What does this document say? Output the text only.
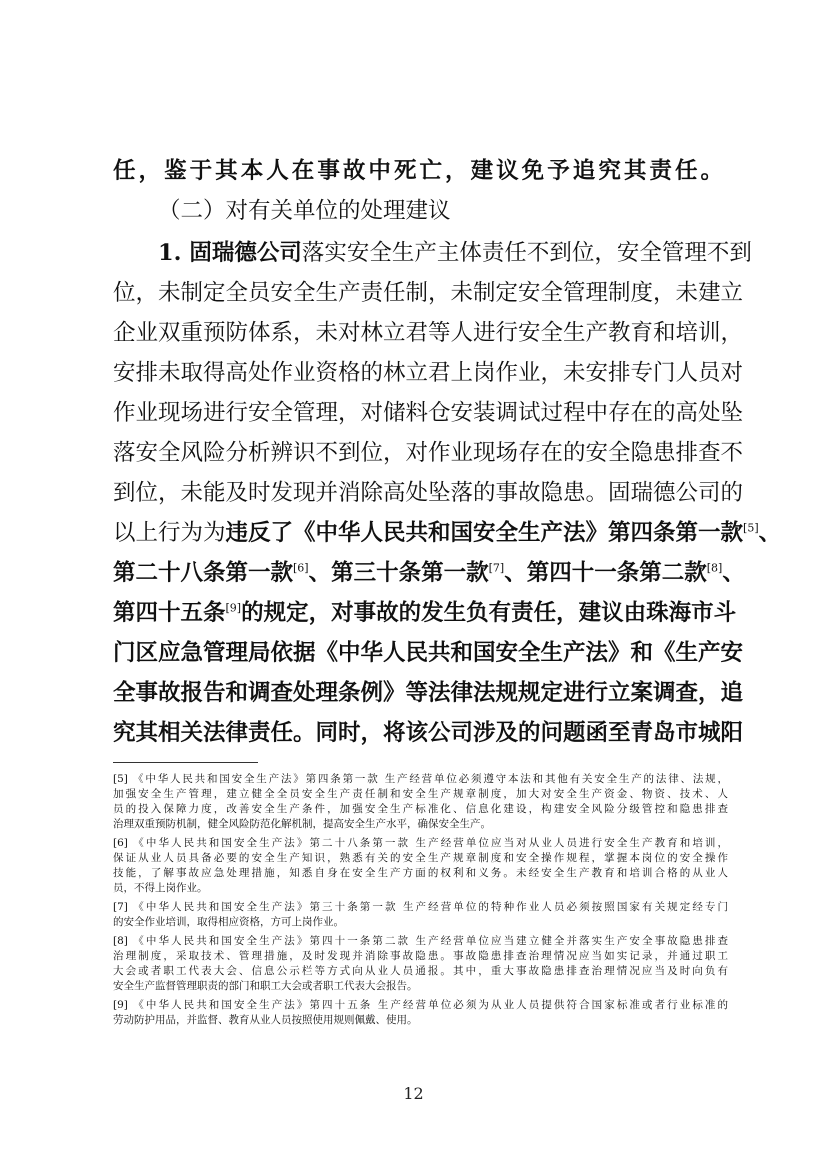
任，鉴于其本人在事故中死亡，建议免予追究其责任。
（二）对有关单位的处理建议
1. 固瑞德公司落实安全生产主体责任不到位，安全管理不到
位，未制定全员安全生产责任制，未制定安全管理制度，未建立
企业双重预防体系，未对林立君等人进行安全生产教育和培训，
安排未取得高处作业资格的林立君上岗作业，未安排专门人员对
作业现场进行安全管理，对储料仓安装调试过程中存在的高处坠
落安全风险分析辨识不到位，对作业现场存在的安全隐患排查不
到位，未能及时发现并消除高处坠落的事故隐患。固瑞德公司的
以上行为为违反了《中华人民共和国安全生产法》第四条第一款[5]、
第二十八条第一款[6]、第三十条第一款[7]、第四十一条第二款[8]、
第四十五条[9]的规定，对事故的发生负有责任，建议由珠海市斗
门区应急管理局依据《中华人民共和国安全生产法》和《生产安
全事故报告和调查处理条例》等法律法规规定进行立案调查，追
究其相关法律责任。同时，将该公司涉及的问题函至青岛市城阳
[5] 《中华人民共和国安全生产法》第四条第一款 生产经营单位必须遵守本法和其他有关安全生产的法律、法规，
加强安全生产管理，建立健全全员安全生产责任制和安全生产规章制度，加大对安全生产资金、物资、技术、人
员的投入保障力度，改善安全生产条件，加强安全生产标准化、信息化建设，构建安全风险分级管控和隐患排查
治理双重预防机制，健全风险防范化解机制，提高安全生产水平，确保安全生产。
[6] 《中华人民共和国安全生产法》第二十八条第一款 生产经营单位应当对从业人员进行安全生产教育和培训，
保证从业人员具备必要的安全生产知识，熟悉有关的安全生产规章制度和安全操作规程，掌握本岗位的安全操作
技能，了解事故应急处理措施，知悉自身在安全生产方面的权利和义务。未经安全生产教育和培训合格的从业人
员，不得上岗作业。
[7] 《中华人民共和国安全生产法》第三十条第一款 生产经营单位的特种作业人员必须按照国家有关规定经专门
的安全作业培训，取得相应资格，方可上岗作业。
[8] 《中华人民共和国安全生产法》第四十一条第二款 生产经营单位应当建立健全并落实生产安全事故隐患排查
治理制度，采取技术、管理措施，及时发现并消除事故隐患。事故隐患排查治理情况应当如实记录，并通过职工
大会或者职工代表大会、信息公示栏等方式向从业人员通报。其中，重大事故隐患排查治理情况应当及时向负有
安全生产监督管理职责的部门和职工大会或者职工代表大会报告。
[9] 《中华人民共和国安全生产法》第四十五条 生产经营单位必须为从业人员提供符合国家标准或者行业标准的
劳动防护用品，并监督、教育从业人员按照使用规则佩戴、使用。
12
